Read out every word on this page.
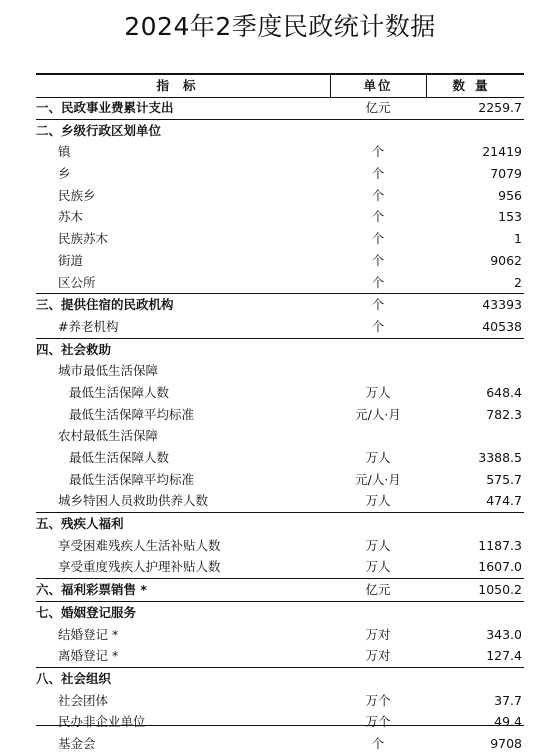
2024年2季度民政统计数据
指标	单位	数量
一、民政事业费累计支出	亿元	2259.7
二、乡级行政区划单位
镇	个	21419
乡	个	7079
民族乡	个	956
苏木	个	153
民族苏木	个	1
街道	个	9062
区公所	个	2
三、提供住宿的民政机构	个	43393
#养老机构	个	40538
四、社会救助
城市最低生活保障
最低生活保障人数	万人	648.4
最低生活保障平均标准	元/人·月	782.3
农村最低生活保障
最低生活保障人数	万人	3388.5
最低生活保障平均标准	元/人·月	575.7
城乡特困人员救助供养人数	万人	474.7
五、残疾人福利
享受困难残疾人生活补贴人数	万人	1187.3
享受重度残疾人护理补贴人数	万人	1607.0
六、福利彩票销售 *	亿元	1050.2
七、婚姻登记服务
结婚登记 *	万对	343.0
离婚登记 *	万对	127.4
八、社会组织
社会团体	万个	37.7
民办非企业单位	万个	49.4
基金会	个	9708
